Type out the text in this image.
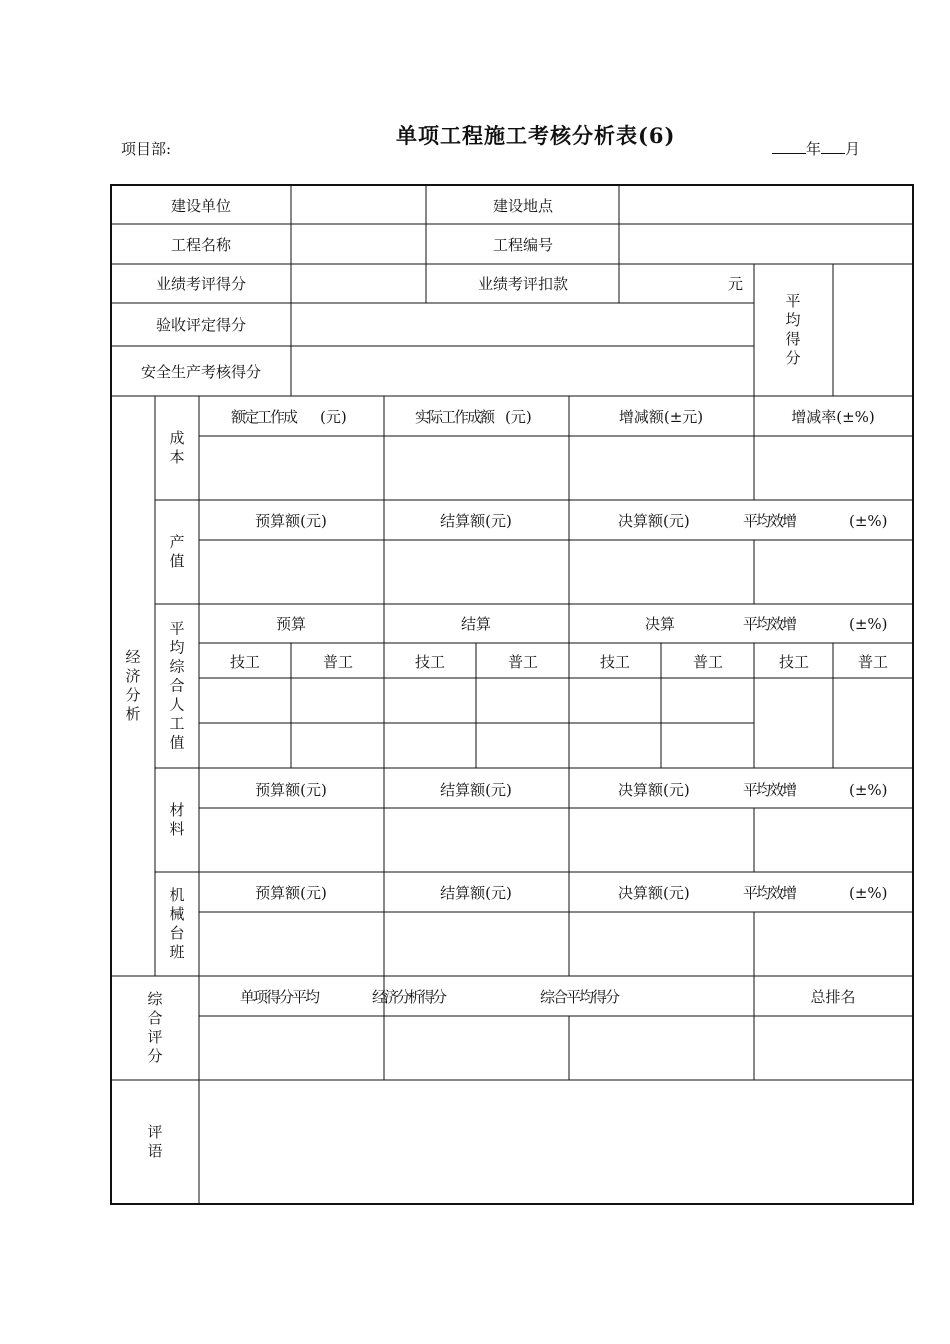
项目部:
单项工程施工考核分析表(6)
年 月
建设单位	建设地点
工程名称	工程编号
业绩考评得分	业绩考评扣款	元
验收评定得分
安全生产考核得分
平均得分
经济分析
成本
额定工作成 (元)	实际工作成额 (元)	增减额(±元)	增减率(±%)
产值
预算额(元)	结算额(元)	决算额(元)	平均效增	(±%)
平均综合人工值
预算	结算	决算	平均效增	(±%)
技工	普工	技工	普工	技工	普工	技工	普工
材料
预算额(元)	结算额(元)	决算额(元)	平均效增	(±%)
机械台班
预算额(元)	结算额(元)	决算额(元)	平均效增	(±%)
综合评分
单项得分平均	经济分析得分	综合平均得分	总排名
评语
